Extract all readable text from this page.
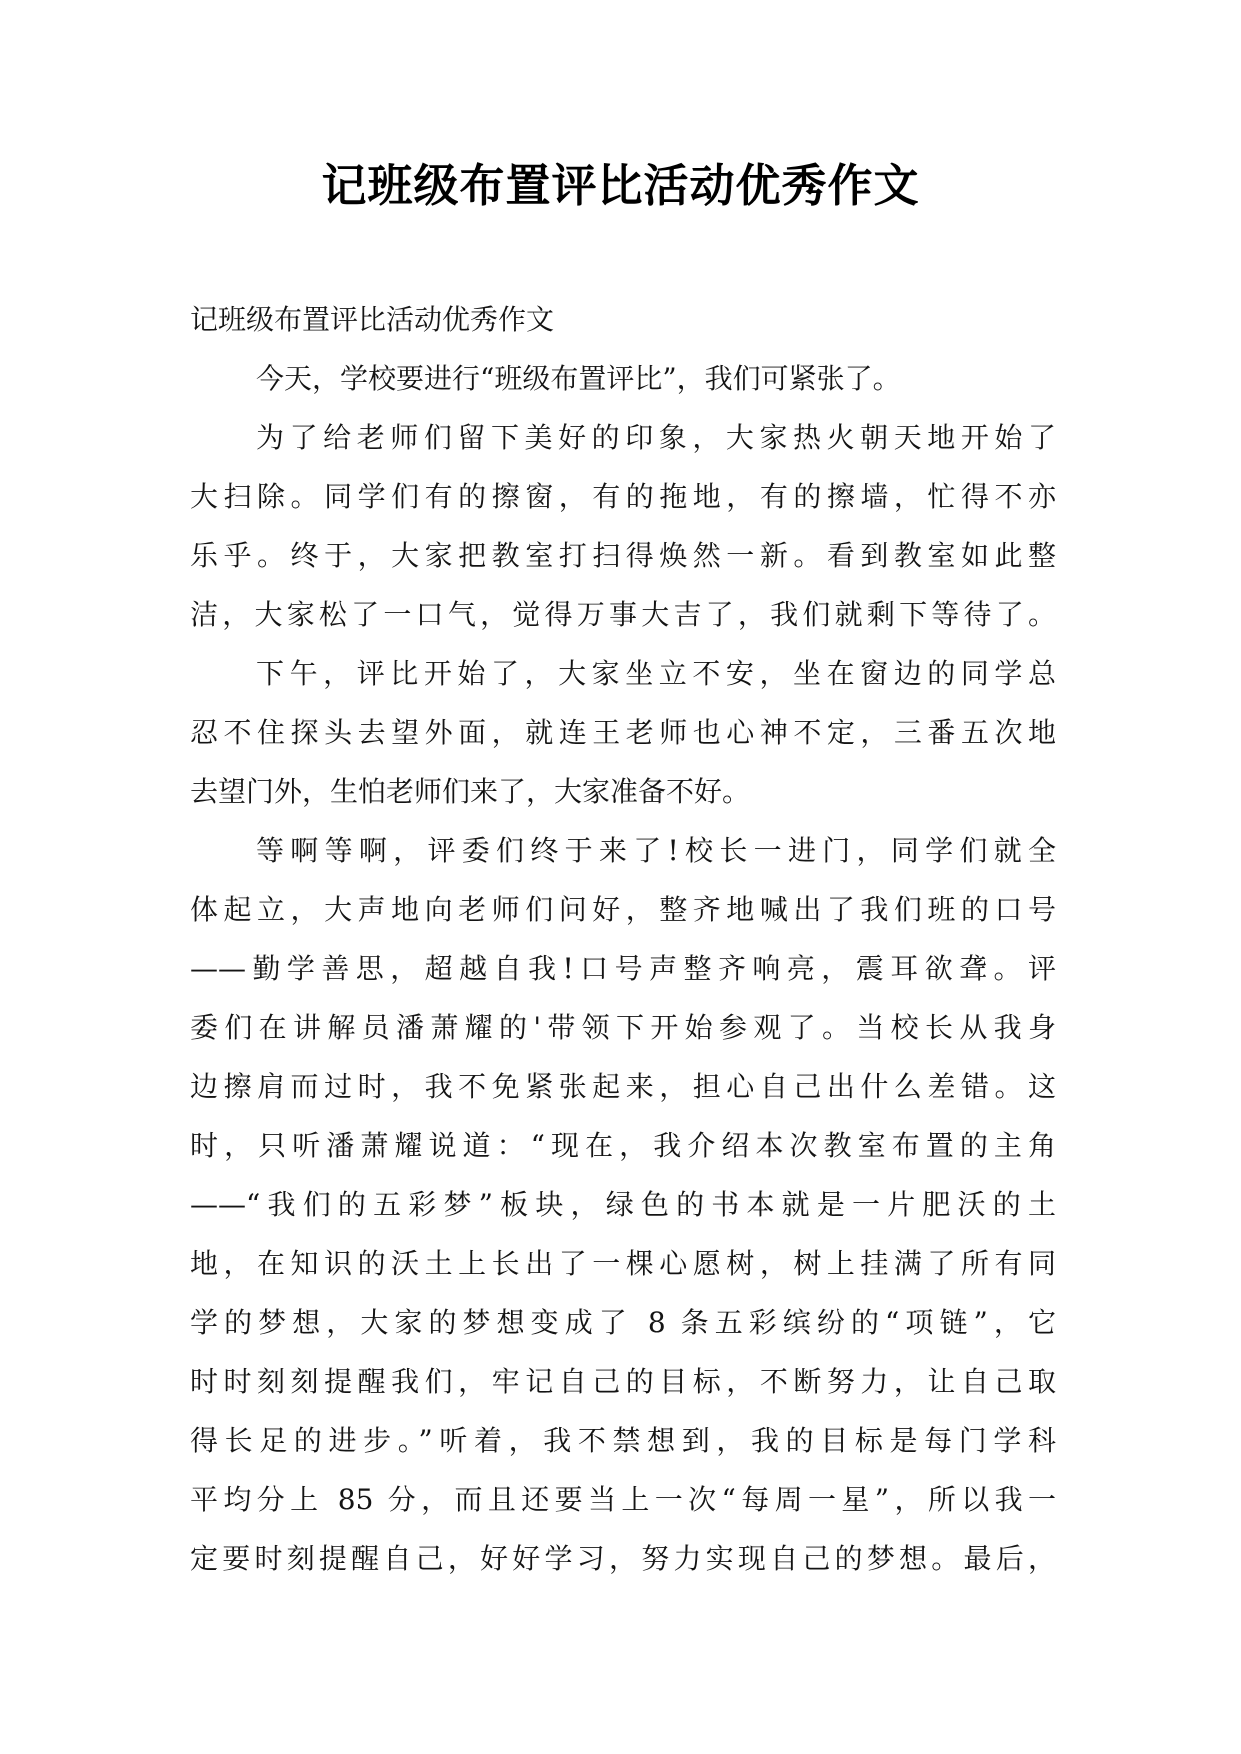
记班级布置评比活动优秀作文
记班级布置评比活动优秀作文
今天，学校要进行“班级布置评比”，我们可紧张了。
为了给老师们留下美好的印象，大家热火朝天地开始了
大扫除。同学们有的擦窗，有的拖地，有的擦墙，忙得不亦
乐乎。终于，大家把教室打扫得焕然一新。看到教室如此整
洁，大家松了一口气，觉得万事大吉了，我们就剩下等待了。
下午，评比开始了，大家坐立不安，坐在窗边的同学总
忍不住探头去望外面，就连王老师也心神不定，三番五次地
去望门外，生怕老师们来了，大家准备不好。
等啊等啊，评委们终于来了!校长一进门，同学们就全
体起立，大声地向老师们问好，整齐地喊出了我们班的口号
——勤学善思，超越自我!口号声整齐响亮，震耳欲聋。评
委们在讲解员潘萧耀的'带领下开始参观了。当校长从我身
边擦肩而过时，我不免紧张起来，担心自己出什么差错。这
时，只听潘萧耀说道：“现在，我介绍本次教室布置的主角
——“我们的五彩梦”板块，绿色的书本就是一片肥沃的土
地，在知识的沃土上长出了一棵心愿树，树上挂满了所有同
学的梦想，大家的梦想变成了 8 条五彩缤纷的“项链”，它
时时刻刻提醒我们，牢记自己的目标，不断努力，让自己取
得长足的进步。”听着，我不禁想到，我的目标是每门学科
平均分上 85 分，而且还要当上一次“每周一星”，所以我一
定要时刻提醒自己，好好学习，努力实现自己的梦想。最后，
